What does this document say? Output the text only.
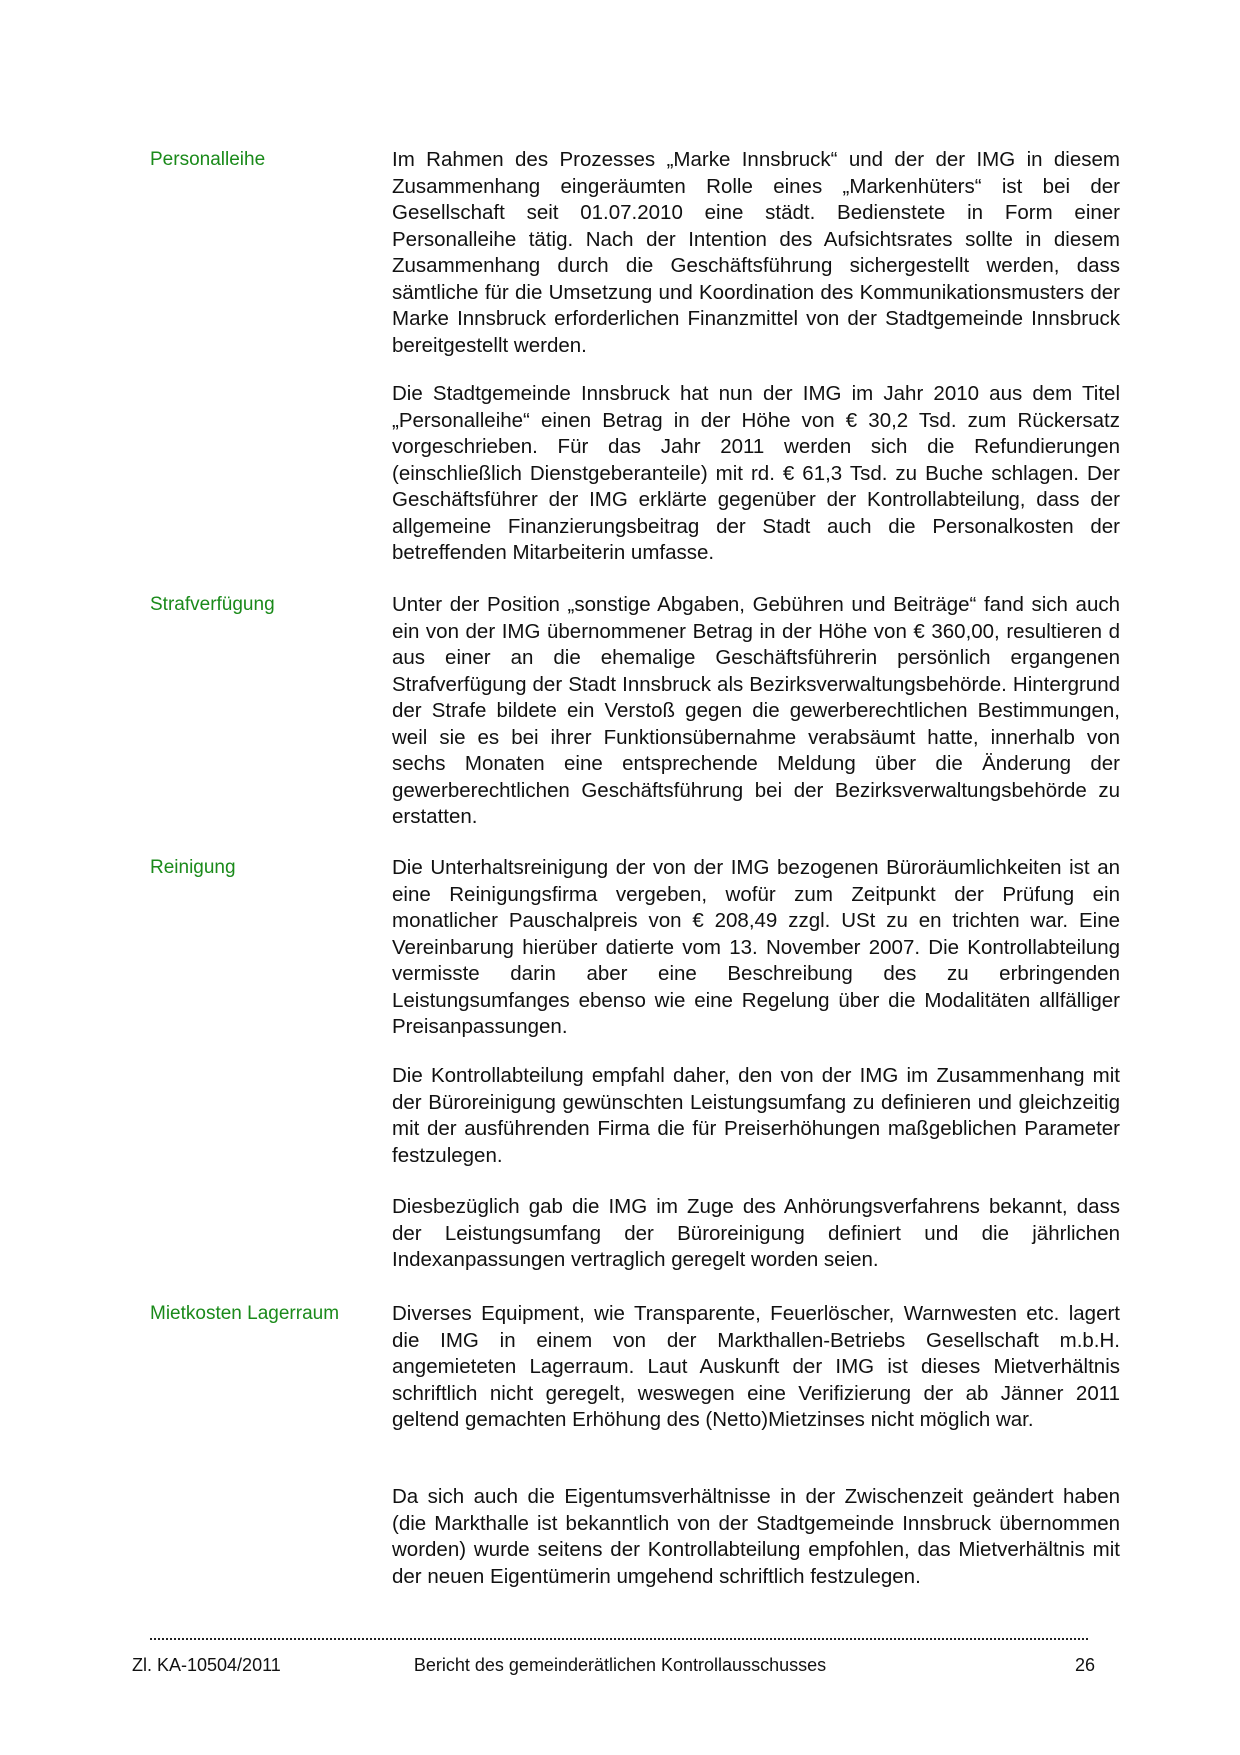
Personalleihe	Im Rahmen des Prozesses „Marke Innsbruck“ und der der IMG in diesem Zusammenhang eingeräumten Rolle eines „Markenhüters“ ist bei der Gesellschaft seit 01.07.2010 eine städt. Bedienstete in Form einer Personalleihe tätig. Nach der Intention des Aufsichtsrates sollte in diesem Zusammenhang durch die Geschäftsführung sichergestellt werden, dass sämtliche für die Umsetzung und Koordination des Kommunikationsmusters der Marke Innsbruck erforderlichen Finanzmittel von der Stadtgemeinde Innsbruck bereitgestellt werden.

Die Stadtgemeinde Innsbruck hat nun der IMG im Jahr 2010 aus dem Titel „Personalleihe“ einen Betrag in der Höhe von € 30,2 Tsd. zum Rückersatz vorgeschrieben. Für das Jahr 2011 werden sich die Refundierungen (einschließlich Dienstgeberanteile) mit rd. € 61,3 Tsd. zu Buche schlagen. Der Geschäftsführer der IMG erklärte gegenüber der Kontrollabteilung, dass der allgemeine Finanzierungsbeitrag der Stadt auch die Personalkosten der betreffenden Mitarbeiterin umfasse.

Strafverfügung	Unter der Position „sonstige Abgaben, Gebühren und Beiträge“ fand sich auch ein von der IMG übernommener Betrag in der Höhe von € 360,00, resultieren d aus einer an die ehemalige Geschäftsführerin persönlich ergangenen Strafverfügung der Stadt Innsbruck als Bezirksverwaltungsbehörde. Hintergrund der Strafe bildete ein Verstoß gegen die gewerberechtlichen Bestimmungen, weil sie es bei ihrer Funktionsübernahme verabsäumt hatte, innerhalb von sechs Monaten eine entsprechende Meldung über die Änderung der gewerberechtlichen Geschäftsführung bei der Bezirksverwaltungsbehörde zu erstatten.

Reinigung	Die Unterhaltsreinigung der von der IMG bezogenen Büroräumlichkeiten ist an eine Reinigungsfirma vergeben, wofür zum Zeitpunkt der Prüfung ein monatlicher Pauschalpreis von € 208,49 zzgl. USt zu en trichten war. Eine Vereinbarung hierüber datierte vom 13. November 2007. Die Kontrollabteilung vermisste darin aber eine Beschreibung des zu erbringenden Leistungsumfanges ebenso wie eine Regelung über die Modalitäten allfälliger Preisanpassungen.

Die Kontrollabteilung empfahl daher, den von der IMG im Zusammenhang mit der Büroreinigung gewünschten Leistungsumfang zu definieren und gleichzeitig mit der ausführenden Firma die für Preiserhöhungen maßgeblichen Parameter festzulegen.

Diesbezüglich gab die IMG im Zuge des Anhörungsverfahrens bekannt, dass der Leistungsumfang der Büroreinigung definiert und die jährlichen Indexanpassungen vertraglich geregelt worden seien.

Mietkosten Lagerraum	Diverses Equipment, wie Transparente, Feuerlöscher, Warnwesten etc. lagert die IMG in einem von der Markthallen-Betriebs Gesellschaft m.b.H. angemieteten Lagerraum. Laut Auskunft der IMG ist dieses Mietverhältnis schriftlich nicht geregelt, weswegen eine Verifizierung der ab Jänner 2011 geltend gemachten Erhöhung des (Netto)Mietzinses nicht möglich war.

Da sich auch die Eigentumsverhältnisse in der Zwischenzeit geändert haben (die Markthalle ist bekanntlich von der Stadtgemeinde Innsbruck übernommen worden) wurde seitens der Kontrollabteilung empfohlen, das Mietverhältnis mit der neuen Eigentümerin umgehend schriftlich festzulegen.

Zl. KA-10504/2011	Bericht des gemeinderätlichen Kontrollausschusses	26
